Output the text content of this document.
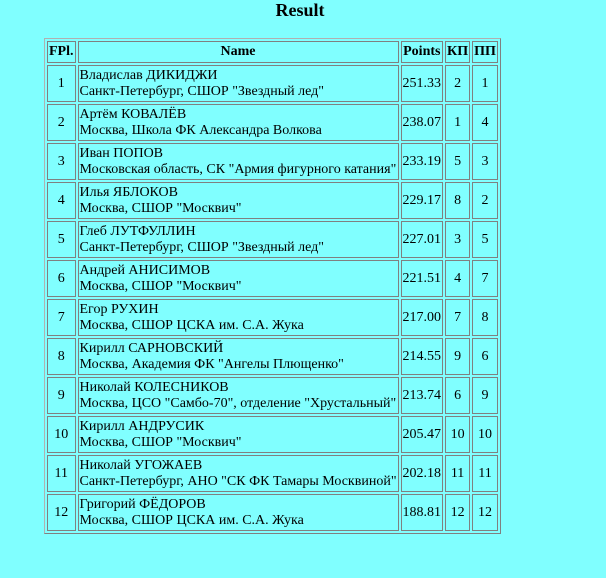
Result
FPl.	Name	Points	КП	ПП
1	Владислав ДИКИДЖИ
Санкт-Петербург, СШОР "Звездный лед"	251.33	2	1
2	Артём КОВАЛЁВ
Москва, Школа ФК Александра Волкова	238.07	1	4
3	Иван ПОПОВ
Московская область, СК "Армия фигурного катания"	233.19	5	3
4	Илья ЯБЛОКОВ
Москва, СШОР "Москвич"	229.17	8	2
5	Глеб ЛУТФУЛЛИН
Санкт-Петербург, СШОР "Звездный лед"	227.01	3	5
6	Андрей АНИСИМОВ
Москва, СШОР "Москвич"	221.51	4	7
7	Егор РУХИН
Москва, СШОР ЦСКА им. С.А. Жука	217.00	7	8
8	Кирилл САРНОВСКИЙ
Москва, Академия ФК "Ангелы Плющенко"	214.55	9	6
9	Николай КОЛЕСНИКОВ
Москва, ЦСО "Самбо-70", отделение "Хрустальный"	213.74	6	9
10	Кирилл АНДРУСИК
Москва, СШОР "Москвич"	205.47	10	10
11	Николай УГОЖАЕВ
Санкт-Петербург, АНО "СК ФК Тамары Москвиной"	202.18	11	11
12	Григорий ФЁДОРОВ
Москва, СШОР ЦСКА им. С.А. Жука	188.81	12	12
